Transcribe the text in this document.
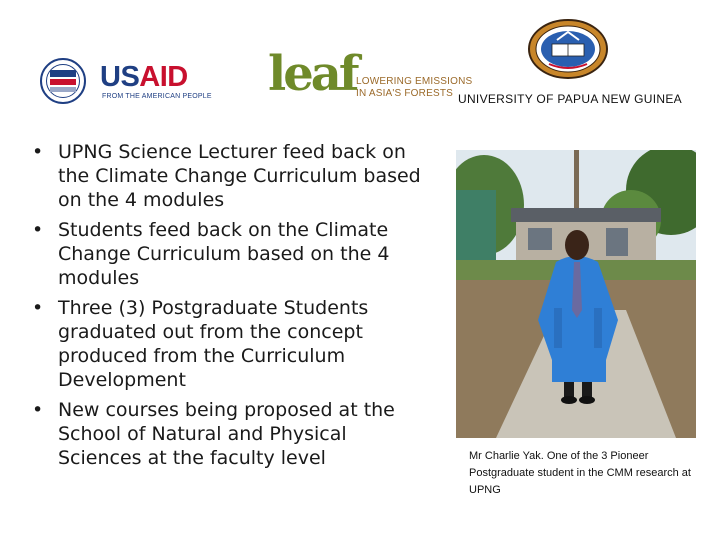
USAID
FROM THE AMERICAN PEOPLE leaf LOWERING EMISSIONS
IN ASIA'S FORESTS UNIVERSITY OF PAPUA NEW GUINEA
• UPNG Science Lecturer feed back on the Climate Change Curriculum based on the 4 modules
• Students feed back on the Climate Change Curriculum based on the 4 modules
• Three (3) Postgraduate Students graduated out from the concept produced from the Curriculum Development
• New courses being proposed at the School of Natural and Physical Sciences at the faculty level	Mr Charlie Yak. One of the 3 Pioneer Postgraduate student in the CMM research at UPNG
